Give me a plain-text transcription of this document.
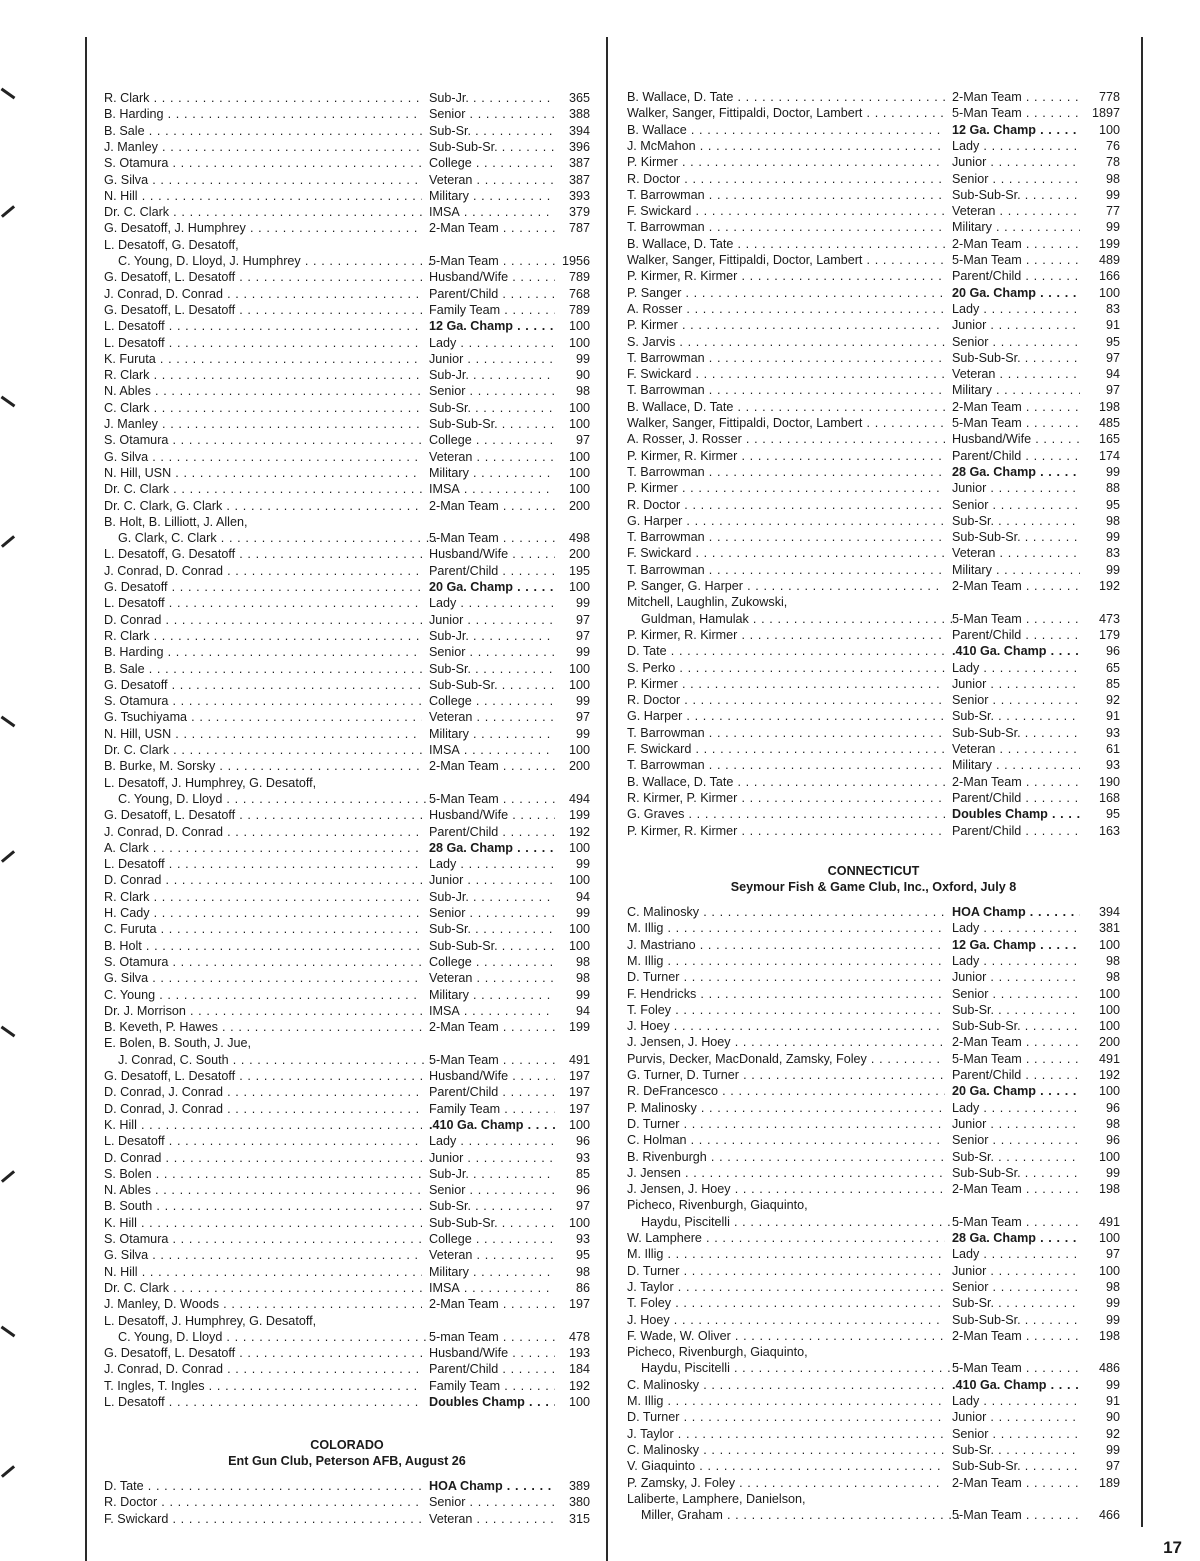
R. Clark . . .	Sub-Jr. . . .	365
B. Harding . . .	Senior . . .	388
B. Sale . . .	Sub-Sr. . . .	394
J. Manley . . .	Sub-Sub-Sr. . . .	396
S. Otamura . . .	College . . .	387
G. Silva . . .	Veteran . . .	387
N. Hill . . .	Military . . .	393
Dr. C. Clark . . .	IMSA . . .	379
G. Desatoff, J. Humphrey . . .	2-Man Team . . .	787
L. Desatoff, G. Desatoff,
C. Young, D. Lloyd, J. Humphrey . . .	5-Man Team . . .	1956
G. Desatoff, L. Desatoff . . .	Husband/Wife . . .	789
J. Conrad, D. Conrad . . .	Parent/Child . . .	768
G. Desatoff, L. Desatoff . . .	Family Team . . .	789
L. Desatoff . . .	12 Ga. Champ . . .	100
L. Desatoff . . .	Lady . . .	100
K. Furuta . . .	Junior . . .	99
R. Clark . . .	Sub-Jr. . . .	90
N. Ables . . .	Senior . . .	98
C. Clark . . .	Sub-Sr. . . .	100
J. Manley . . .	Sub-Sub-Sr. . . .	100
S. Otamura . . .	College . . .	97
G. Silva . . .	Veteran . . .	100
N. Hill, USN . . .	Military . . .	100
Dr. C. Clark . . .	IMSA . . .	100
Dr. C. Clark, G. Clark . . .	2-Man Team . . .	200
B. Holt, B. Lilliott, J. Allen,
G. Clark, C. Clark . . .	5-Man Team . . .	498
L. Desatoff, G. Desatoff . . .	Husband/Wife . . .	200
J. Conrad, D. Conrad . . .	Parent/Child . . .	195
G. Desatoff . . .	20 Ga. Champ . . .	100
L. Desatoff . . .	Lady . . .	99
D. Conrad . . .	Junior . . .	97
R. Clark . . .	Sub-Jr. . . .	97
B. Harding . . .	Senior . . .	99
B. Sale . . .	Sub-Sr. . . .	100
G. Desatoff . . .	Sub-Sub-Sr. . . .	100
S. Otamura . . .	College . . .	99
G. Tsuchiyama . . .	Veteran . . .	97
N. Hill, USN . . .	Military . . .	99
Dr. C. Clark . . .	IMSA . . .	100
B. Burke, M. Sorsky . . .	2-Man Team . . .	200
L. Desatoff, J. Humphrey, G. Desatoff,
C. Young, D. Lloyd . . .	5-Man Team . . .	494
G. Desatoff, L. Desatoff . . .	Husband/Wife . . .	199
J. Conrad, D. Conrad . . .	Parent/Child . . .	192
A. Clark . . .	28 Ga. Champ . . .	100
L. Desatoff . . .	Lady . . .	99
D. Conrad . . .	Junior . . .	100
R. Clark . . .	Sub-Jr. . . .	94
H. Cady . . .	Senior . . .	99
C. Furuta . . .	Sub-Sr. . . .	100
B. Holt . . .	Sub-Sub-Sr. . . .	100
S. Otamura . . .	College . . .	98
G. Silva . . .	Veteran . . .	98
C. Young . . .	Military . . .	99
Dr. J. Morrison . . .	IMSA . . .	94
B. Keveth, P. Hawes . . .	2-Man Team . . .	199
E. Bolen, B. South, J. Jue,
J. Conrad, C. South . . .	5-Man Team . . .	491
G. Desatoff, L. Desatoff . . .	Husband/Wife . . .	197
D. Conrad, J. Conrad . . .	Parent/Child . . .	197
D. Conrad, J. Conrad . . .	Family Team . . .	197
K. Hill . . .	.410 Ga. Champ . . .	100
L. Desatoff . . .	Lady . . .	96
D. Conrad . . .	Junior . . .	93
S. Bolen . . .	Sub-Jr. . . .	85
N. Ables . . .	Senior . . .	96
B. South . . .	Sub-Sr. . . .	97
K. Hill . . .	Sub-Sub-Sr. . . .	100
S. Otamura . . .	College . . .	93
G. Silva . . .	Veteran . . .	95
N. Hill . . .	Military . . .	98
Dr. C. Clark . . .	IMSA . . .	86
J. Manley, D. Woods . . .	2-Man Team . . .	197
L. Desatoff, J. Humphrey, G. Desatoff,
C. Young, D. Lloyd . . .	5-man Team . . .	478
G. Desatoff, L. Desatoff . . .	Husband/Wife . . .	193
J. Conrad, D. Conrad . . .	Parent/Child . . .	184
T. Ingles, T. Ingles . . .	Family Team . . .	192
L. Desatoff . . .	Doubles Champ . . .	100
COLORADO
Ent Gun Club, Peterson AFB, August 26
D. Tate . . .	HOA Champ . . .	389
R. Doctor . . .	Senior . . .	380
F. Swickard . . .	Veteran . . .	315
B. Wallace, D. Tate . . .	2-Man Team . . .	778
Walker, Sanger, Fittipaldi, Doctor, Lambert . . .	5-Man Team . . .	1897
B. Wallace . . .	12 Ga. Champ . . .	100
J. McMahon . . .	Lady . . .	76
P. Kirmer . . .	Junior . . .	78
R. Doctor . . .	Senior . . .	98
T. Barrowman . . .	Sub-Sub-Sr. . . .	99
F. Swickard . . .	Veteran . . .	77
T. Barrowman . . .	Military . . .	99
B. Wallace, D. Tate . . .	2-Man Team . . .	199
Walker, Sanger, Fittipaldi, Doctor, Lambert . . .	5-Man Team . . .	489
P. Kirmer, R. Kirmer . . .	Parent/Child . . .	166
P. Sanger . . .	20 Ga. Champ . . .	100
A. Rosser . . .	Lady . . .	83
P. Kirmer . . .	Junior . . .	91
S. Jarvis . . .	Senior . . .	95
T. Barrowman . . .	Sub-Sub-Sr. . . .	97
F. Swickard . . .	Veteran . . .	94
T. Barrowman . . .	Military . . .	97
B. Wallace, D. Tate . . .	2-Man Team . . .	198
Walker, Sanger, Fittipaldi, Doctor, Lambert . . .	5-Man Team . . .	485
A. Rosser, J. Rosser . . .	Husband/Wife . . .	165
P. Kirmer, R. Kirmer . . .	Parent/Child . . .	174
T. Barrowman . . .	28 Ga. Champ . . .	99
P. Kirmer . . .	Junior . . .	88
R. Doctor . . .	Senior . . .	95
G. Harper . . .	Sub-Sr. . . .	98
T. Barrowman . . .	Sub-Sub-Sr. . . .	99
F. Swickard . . .	Veteran . . .	83
T. Barrowman . . .	Military . . .	99
P. Sanger, G. Harper . . .	2-Man Team . . .	192
Mitchell, Laughlin, Zukowski,
Guldman, Hamulak . . .	5-Man Team . . .	473
P. Kirmer, R. Kirmer . . .	Parent/Child . . .	179
D. Tate . . .	.410 Ga. Champ . . .	96
S. Perko . . .	Lady . . .	65
P. Kirmer . . .	Junior . . .	85
R. Doctor . . .	Senior . . .	92
G. Harper . . .	Sub-Sr. . . .	91
T. Barrowman . . .	Sub-Sub-Sr. . . .	93
F. Swickard . . .	Veteran . . .	61
T. Barrowman . . .	Military . . .	93
B. Wallace, D. Tate . . .	2-Man Team . . .	190
R. Kirmer, P. Kirmer . . .	Parent/Child . . .	168
G. Graves . . .	Doubles Champ . . .	95
P. Kirmer, R. Kirmer . . .	Parent/Child . . .	163
CONNECTICUT
Seymour Fish & Game Club, Inc., Oxford, July 8
C. Malinosky . . .	HOA Champ . . .	394
M. Illig . . .	Lady . . .	381
J. Mastriano . . .	12 Ga. Champ . . .	100
M. Illig . . .	Lady . . .	98
D. Turner . . .	Junior . . .	98
F. Hendricks . . .	Senior . . .	100
T. Foley . . .	Sub-Sr. . . .	100
J. Hoey . . .	Sub-Sub-Sr. . . .	100
J. Jensen, J. Hoey . . .	2-Man Team . . .	200
Purvis, Decker, MacDonald, Zamsky, Foley . . .	5-Man Team . . .	491
G. Turner, D. Turner . . .	Parent/Child . . .	192
R. DeFrancesco . . .	20 Ga. Champ . . .	100
P. Malinosky . . .	Lady . . .	96
D. Turner . . .	Junior . . .	98
C. Holman . . .	Senior . . .	96
B. Rivenburgh . . .	Sub-Sr. . . .	100
J. Jensen . . .	Sub-Sub-Sr. . . .	99
J. Jensen, J. Hoey . . .	2-Man Team . . .	198
Picheco, Rivenburgh, Giaquinto,
Haydu, Piscitelli . . .	5-Man Team . . .	491
W. Lamphere . . .	28 Ga. Champ . . .	100
M. Illig . . .	Lady . . .	97
D. Turner . . .	Junior . . .	100
J. Taylor . . .	Senior . . .	98
T. Foley . . .	Sub-Sr. . . .	99
J. Hoey . . .	Sub-Sub-Sr. . . .	99
F. Wade, W. Oliver . . .	2-Man Team . . .	198
Picheco, Rivenburgh, Giaquinto,
Haydu, Piscitelli . . .	5-Man Team . . .	486
C. Malinosky . . .	.410 Ga. Champ . . .	99
M. Illig . . .	Lady . . .	91
D. Turner . . .	Junior . . .	90
J. Taylor . . .	Senior . . .	92
C. Malinosky . . .	Sub-Sr. . . .	99
V. Giaquinto . . .	Sub-Sub-Sr. . . .	97
P. Zamsky, J. Foley . . .	2-Man Team . . .	189
Laliberte, Lamphere, Danielson,
Miller, Graham . . .	5-Man Team . . .	466
17
